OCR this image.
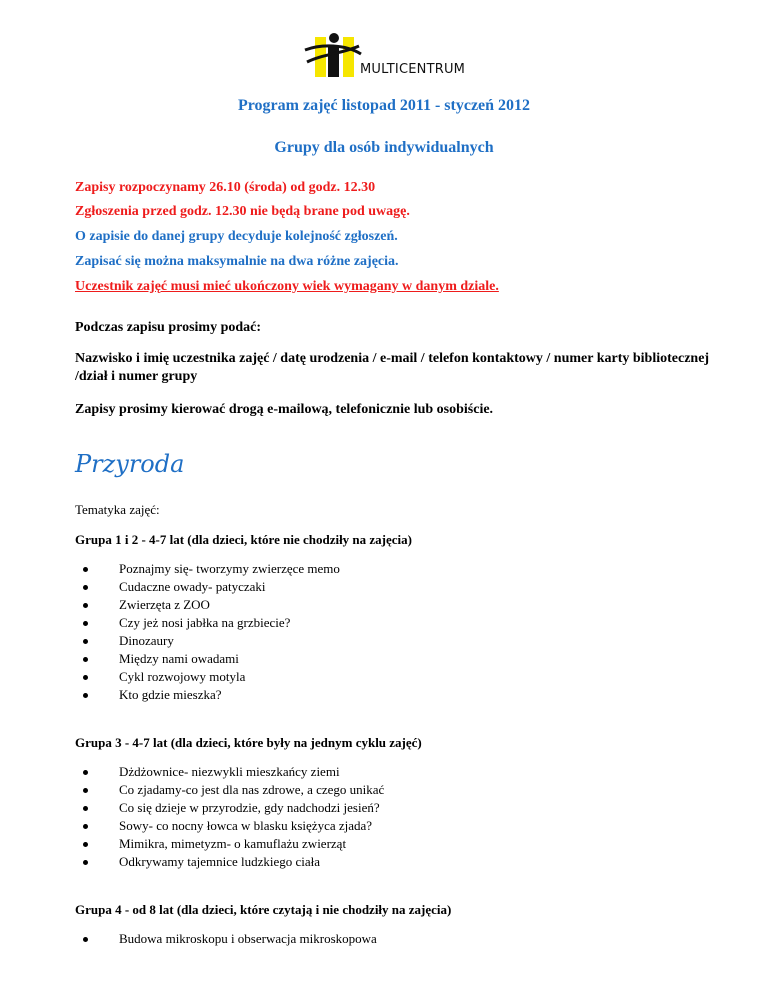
MULTICENTRUM
Program zajęć listopad 2011 - styczeń 2012
Grupy dla osób indywidualnych
Zapisy rozpoczynamy 26.10 (środa) od godz. 12.30
Zgłoszenia przed godz. 12.30 nie będą brane pod uwagę.
O zapisie do danej grupy decyduje kolejność zgłoszeń.
Zapisać się można maksymalnie na dwa różne zajęcia.
Uczestnik zajęć musi mieć ukończony wiek wymagany w danym dziale.
Podczas zapisu prosimy podać:
Nazwisko i imię uczestnika zajęć / datę urodzenia / e-mail / telefon kontaktowy / numer karty bibliotecznej /dział i numer grupy
Zapisy prosimy kierować drogą e-mailową, telefonicznie lub osobiście.
Przyroda
Tematyka zajęć:
Grupa 1 i 2 - 4-7 lat (dla dzieci, które nie chodziły na zajęcia)
Poznajmy się- tworzymy zwierzęce memo
Cudaczne owady- patyczaki
Zwierzęta z ZOO
Czy jeż nosi jabłka na grzbiecie?
Dinozaury
Między nami owadami
Cykl rozwojowy motyla
Kto gdzie mieszka?
Grupa 3 - 4-7 lat (dla dzieci, które były na jednym cyklu zajęć)
Dżdżownice- niezwykli mieszkańcy ziemi
Co zjadamy-co jest dla nas zdrowe, a czego unikać
Co się dzieje w przyrodzie, gdy nadchodzi jesień?
Sowy- co nocny łowca w blasku księżyca zjada?
Mimikra, mimetyzm- o kamuflażu zwierząt
Odkrywamy tajemnice ludzkiego ciała
Grupa 4 - od 8 lat (dla dzieci, które czytają i nie chodziły na zajęcia)
Budowa mikroskopu i obserwacja mikroskopowa
